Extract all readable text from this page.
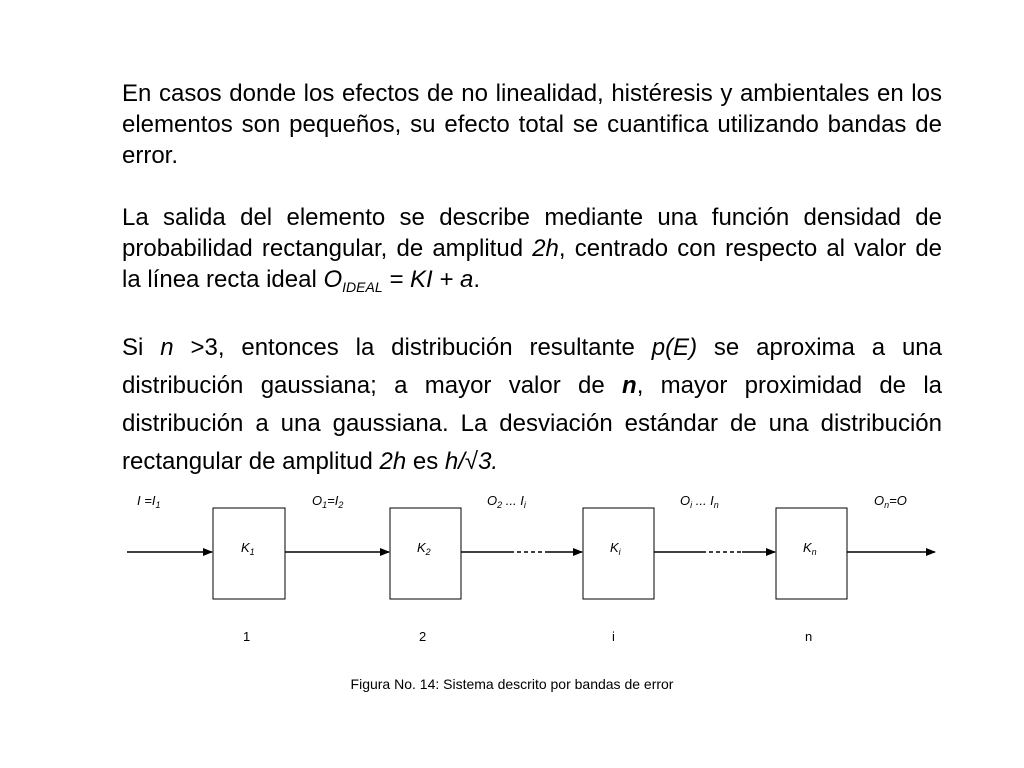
En casos donde los efectos de no linealidad, histéresis y ambientales en los elementos son pequeños, su efecto total se cuantifica utilizando bandas de error.
La salida del elemento se describe mediante una función densidad de probabilidad rectangular, de amplitud 2h, centrado con respecto al valor de la línea recta ideal $O_{IDEAL}$ = KI + a.
Si n >3, entonces la distribución resultante p(E) se aproxima a una distribución gaussiana; a mayor valor de n, mayor proximidad de la distribución a una gaussiana. La desviación estándar de una distribución rectangular de amplitud 2h es h/√3.
$I =I_1$	$O_1=I_2$	$O_2$ ... $I_i$	$O_i$ ... $I_n$	$O_n=O$
$K_1$	$K_2$	$K_i$	$K_n$
1	2	i	n
Figura No. 14: Sistema descrito por bandas de error
